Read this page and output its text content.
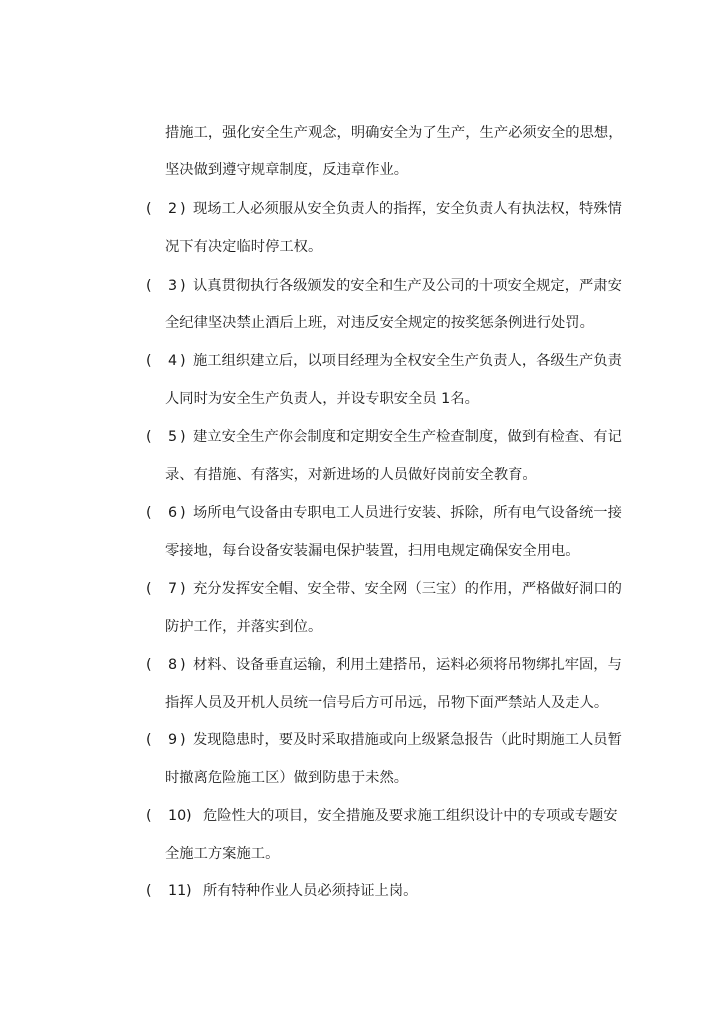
措施工，强化安全生产观念，明确安全为了生产，生产必须安全的思想，
坚决做到遵守规章制度，反违章作业。
( 2 ) 现场工人必须服从安全负责人的指挥，安全负责人有执法权，特殊情
况下有决定临时停工权。
( 3 ) 认真贯彻执行各级颁发的安全和生产及公司的十项安全规定，严肃安
全纪律坚决禁止酒后上班，对违反安全规定的按奖惩条例进行处罚。
( 4 ) 施工组织建立后，以项目经理为全权安全生产负责人，各级生产负责
人同时为安全生产负责人，并设专职安全员 1名。
( 5 ) 建立安全生产你会制度和定期安全生产检查制度，做到有检查、有记
录、有措施、有落实，对新进场的人员做好岗前安全教育。
( 6 ) 场所电气设备由专职电工人员进行安装、拆除，所有电气设备统一接
零接地，每台设备安装漏电保护装置，扫用电规定确保安全用电。
( 7 ) 充分发挥安全帽、安全带、安全网（三宝）的作用，严格做好洞口的
防护工作，并落实到位。
( 8 ) 材料、设备垂直运输，利用土建搭吊，运料必须将吊物绑扎牢固，与
指挥人员及开机人员统一信号后方可吊远，吊物下面严禁站人及走人。
( 9 ) 发现隐患时，要及时采取措施或向上级紧急报告（此时期施工人员暂
时撤离危险施工区）做到防患于未然。
( 10 ) 危险性大的项目，安全措施及要求施工组织设计中的专项或专题安
全施工方案施工。
( 11 ) 所有特种作业人员必须持证上岗。
